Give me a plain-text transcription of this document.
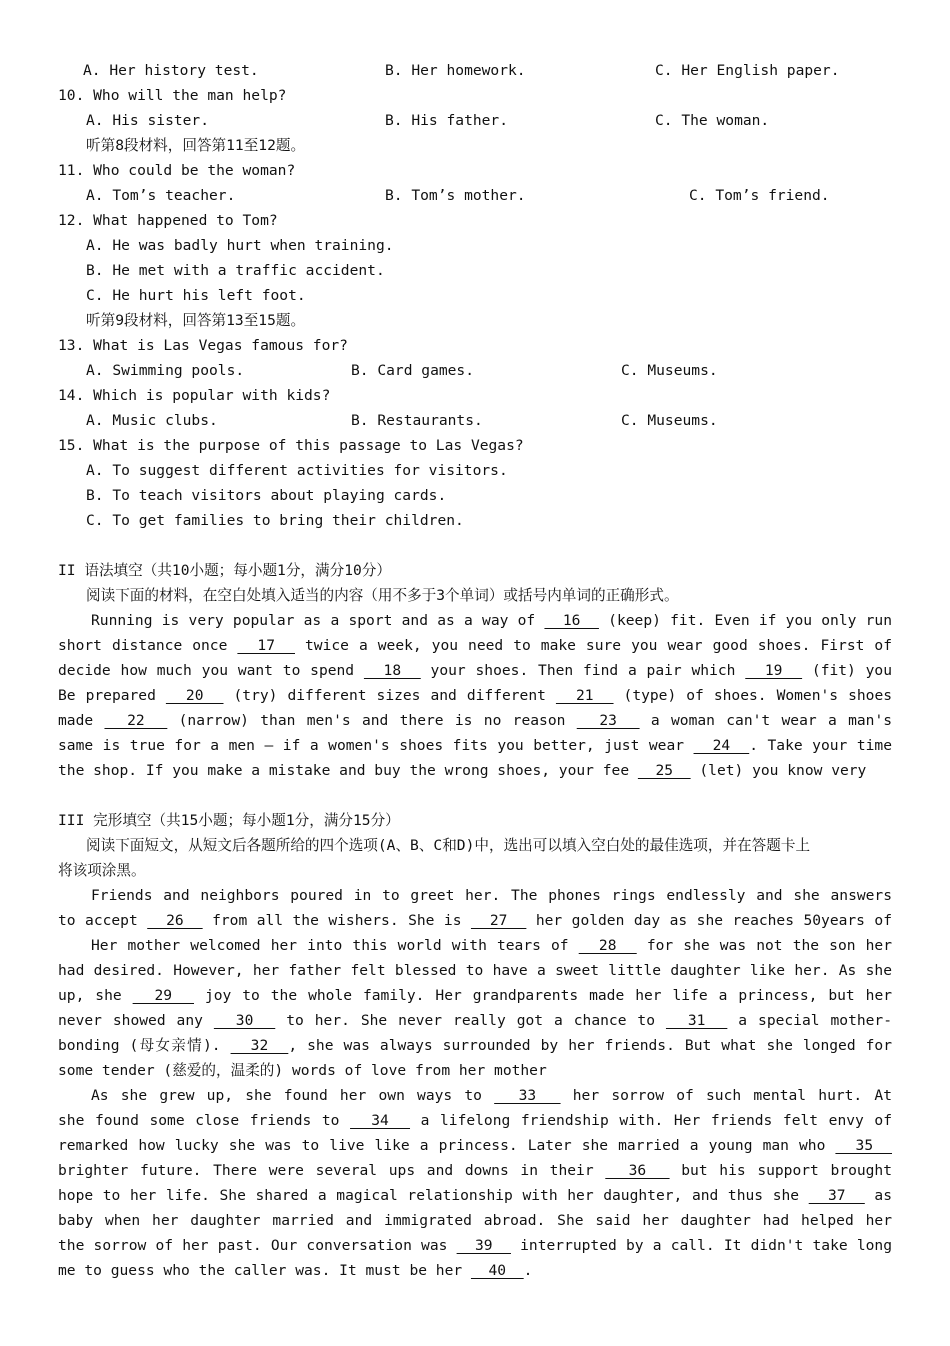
A. Her history test.	B. Her homework.	C. Her English paper.
10. Who will the man help?
A. His sister.	B. His father.	C. The woman.
听第8段材料，回答第11至12题。
11. Who could be the woman?
A. Tom’s teacher.	B. Tom’s mother.	C. Tom’s friend.
12. What happened to Tom?
A. He was badly hurt when training.
B. He met with a traffic accident.
C. He hurt his left foot.
听第9段材料，回答第13至15题。
13. What is Las Vegas famous for?
A. Swimming pools.	B. Card games.	C. Museums.
14. Which is popular with kids?
A. Music clubs.	B. Restaurants.	C. Museums.
15. What is the purpose of this passage to Las Vegas?
A. To suggest different activities for visitors.
B. To teach visitors about playing cards.
C. To get families to bring their children.
II 语法填空（共10小题；每小题1分，满分10分）
阅读下面的材料，在空白处填入适当的内容（用不多于3个单词）或括号内单词的正确形式。
Running is very popular as a sport and as a way of   16   (keep) fit. Even if you only run
short distance once   17   twice a week, you need to make sure you wear good shoes. First of
decide how much you want to spend   18   your shoes. Then find a pair which   19   (fit) you
Be prepared   20   (try) different sizes and different   21   (type) of shoes. Women's shoes
made   22   (narrow) than men's and there is no reason   23   a woman can't wear a man's
same is true for a men — if a women's shoes fits you better, just wear   24  . Take your time
the shop. If you make a mistake and buy the wrong shoes, your fee   25   (let) you know very
III 完形填空（共15小题；每小题1分，满分15分）
阅读下面短文，从短文后各题所给的四个选项(A、B、C和D)中，选出可以填入空白处的最佳选项，并在答题卡上
将该项涂黑。
Friends and neighbors poured in to greet her. The phones rings endlessly and she answers
to accept   26   from all the wishers. She is   27   her golden day as she reaches 50years of
Her mother welcomed her into this world with tears of   28   for she was not the son her
had desired. However, her father felt blessed to have a sweet little daughter like her. As she
up, she   29   joy to the whole family. Her grandparents made her life a princess, but her
never showed any   30   to her. She never really got a chance to   31   a special mother-
bonding (母女亲情).   32  , she was always surrounded by her friends. But what she longed for
some tender (慈爱的，温柔的) words of love from her mother
As she grew up, she found her own ways to   33   her sorrow of such mental hurt. At
she found some close friends to   34   a lifelong friendship with. Her friends felt envy of
remarked how lucky she was to live like a princess. Later she married a young man who   35
brighter future. There were several ups and downs in their   36   but his support brought
hope to her life. She shared a magical relationship with her daughter, and thus she   37   as
baby when her daughter married and immigrated abroad. She said her daughter had helped her
the sorrow of her past. Our conversation was   39   interrupted by a call. It didn't take long
me to guess who the caller was. It must be her   40  .
